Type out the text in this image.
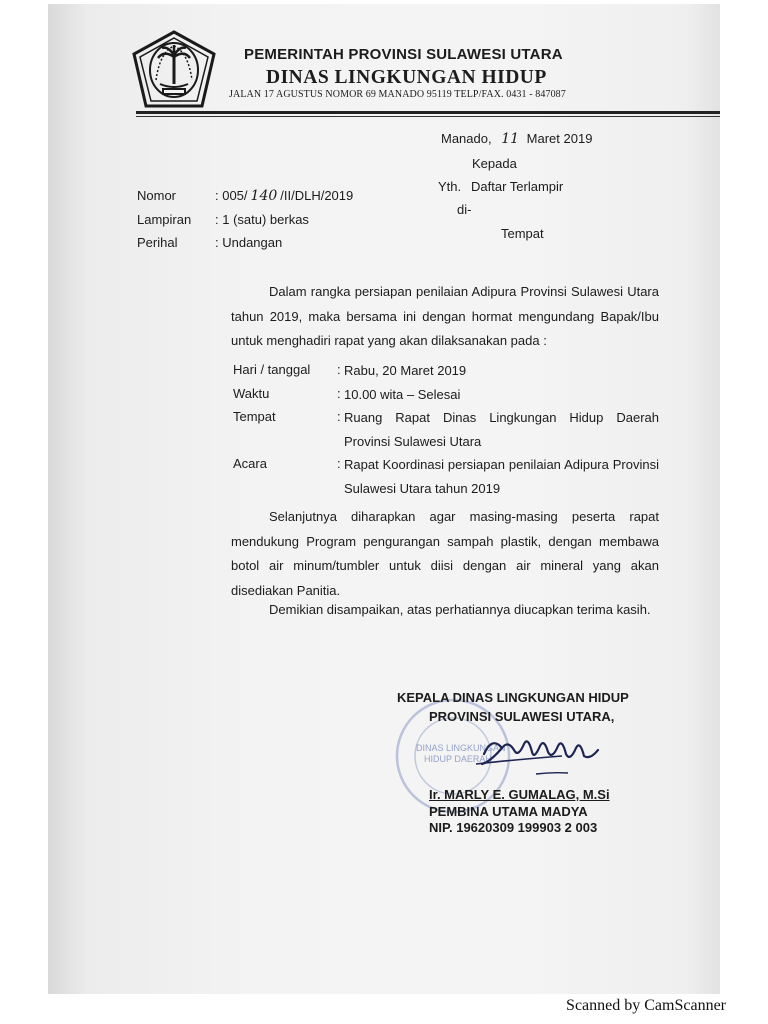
PEMERINTAH PROVINSI SULAWESI UTARA
DINAS LINGKUNGAN HIDUP
JALAN 17 AGUSTUS NOMOR 69 MANADO 95119 TELP/FAX. 0431 - 847087
Manado, 11 Maret 2019
Kepada
Yth. Daftar Terlampir
di-
Tempat
Nomor	: 005/ 140 /II/DLH/2019
Lampiran : 1 (satu) berkas
Perihal	: Undangan
Dalam rangka persiapan penilaian Adipura Provinsi Sulawesi Utara tahun 2019, maka bersama ini dengan hormat mengundang Bapak/Ibu untuk menghadiri rapat yang akan dilaksanakan pada :
Hari / tanggal : Rabu, 20 Maret 2019
Waktu	: 10.00 wita – Selesai
Tempat	: Ruang Rapat Dinas Lingkungan Hidup Daerah Provinsi Sulawesi Utara
Acara	: Rapat Koordinasi persiapan penilaian Adipura Provinsi Sulawesi Utara tahun 2019
Selanjutnya diharapkan agar masing-masing peserta rapat mendukung Program pengurangan sampah plastik, dengan membawa botol air minum/tumbler untuk diisi dengan air mineral yang akan disediakan Panitia.
Demikian disampaikan, atas perhatiannya diucapkan terima kasih.
DINAS LINGKUNGAN
HIDUP DAERAH
KEPALA DINAS LINGKUNGAN HIDUP
PROVINSI SULAWESI UTARA,
Ir. MARLY E. GUMALAG, M.Si
PEMBINA UTAMA MADYA
NIP. 19620309 199903 2 003
Scanned by CamScanner
